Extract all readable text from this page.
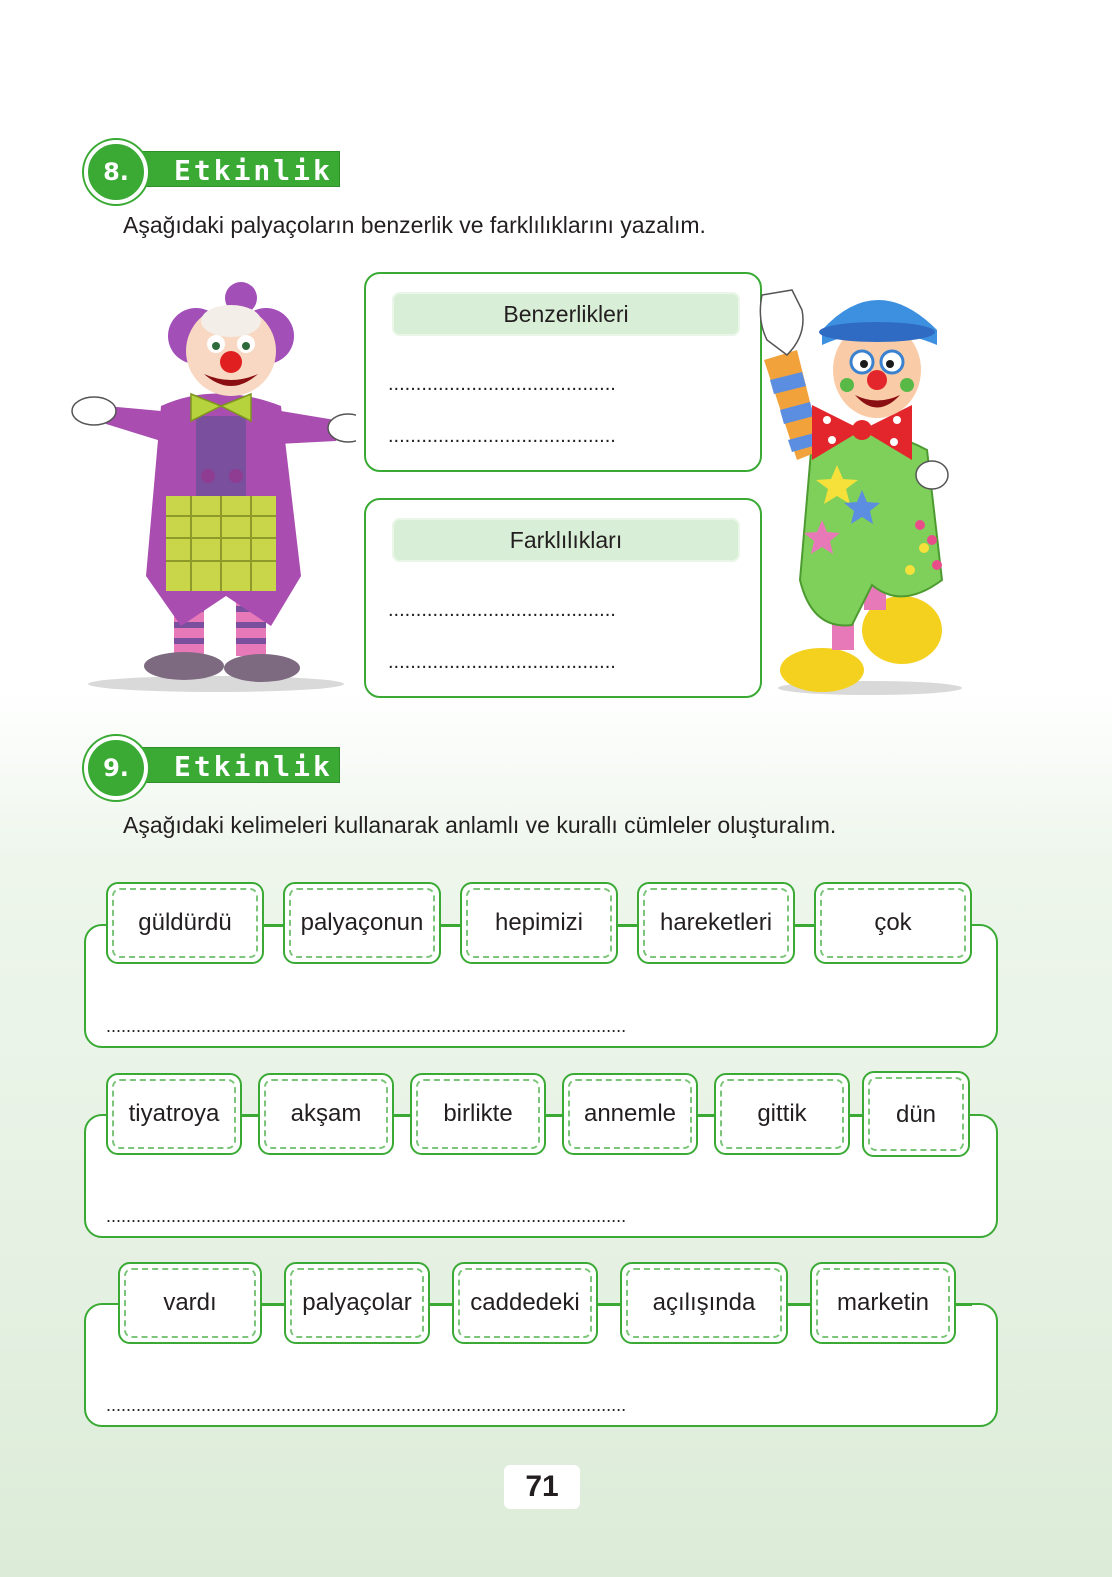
Etkinlik
8.
Aşağıdaki palyaçoların benzerlik ve farklılıklarını yazalım.
Benzerlikleri
.........................................
.........................................
Farklılıkları
.........................................
.........................................
Etkinlik
9.
Aşağıdaki kelimeleri kullanarak anlamlı ve kurallı cümleler oluşturalım.
........................................................................................................
güldürdü	palyaçonun	hepimizi	hareketleri	çok
........................................................................................................
tiyatroya	akşam	birlikte	annemle	gittik	dün
........................................................................................................
vardı	palyaçolar	caddedeki	açılışında	marketin
71
